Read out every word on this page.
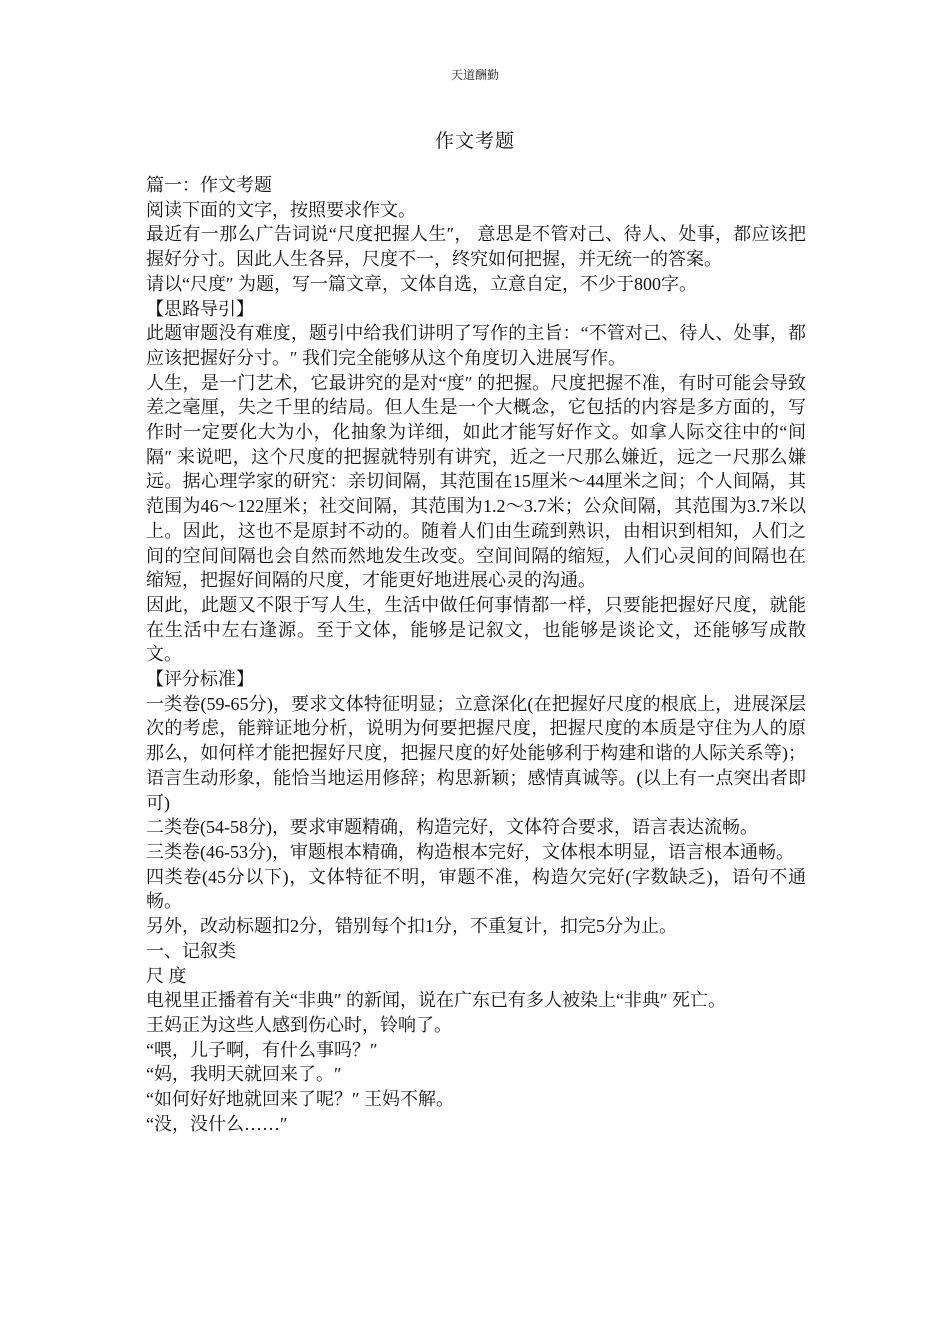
天道酬勤
作文考题

篇一：作文考题

阅读下面的文字，按照要求作文。

最近有一那么广告词说“尺度把握人生″， 意思是不管对己、待人、处事，都应该把握好分寸。因此人生各异，尺度不一，终究如何把握，并无统一的答案。

请以“尺度″ 为题，写一篇文章，文体自选，立意自定，不少于800字。

【思路导引】

此题审题没有难度，题引中给我们讲明了写作的主旨：“不管对己、待人、处事，都应该把握好分寸。″ 我们完全能够从这个角度切入进展写作。

人生，是一门艺术，它最讲究的是对“度″ 的把握。尺度把握不准，有时可能会导致差之毫厘，失之千里的结局。但人生是一个大概念，它包括的内容是多方面的，写作时一定要化大为小，化抽象为详细，如此才能写好作文。如拿人际交往中的“间隔″ 来说吧，这个尺度的把握就特别有讲究，近之一尺那么嫌近，远之一尺那么嫌远。据心理学家的研究：亲切间隔，其范围在15厘米～44厘米之间；个人间隔，其范围为46～122厘米；社交间隔，其范围为1.2～3.7米；公众间隔，其范围为3.7米以上。因此，这也不是原封不动的。随着人们由生疏到熟识，由相识到相知，人们之间的空间间隔也会自然而然地发生改变。空间间隔的缩短，人们心灵间的间隔也在缩短，把握好间隔的尺度，才能更好地进展心灵的沟通。

因此，此题又不限于写人生，生活中做任何事情都一样，只要能把握好尺度，就能在生活中左右逢源。至于文体，能够是记叙文，也能够是谈论文，还能够写成散文。

【评分标准】

一类卷(59-65分)，要求文体特征明显；立意深化(在把握好尺度的根底上，进展深层次的考虑，能辩证地分析，说明为何要把握尺度，把握尺度的本质是守住为人的原那么，如何样才能把握好尺度，把握尺度的好处能够利于构建和谐的人际关系等)；语言生动形象，能恰当地运用修辞；构思新颖；感情真诚等。(以上有一点突出者即可)

二类卷(54-58分)，要求审题精确，构造完好，文体符合要求，语言表达流畅。

三类卷(46-53分)，审题根本精确，构造根本完好，文体根本明显，语言根本通畅。

四类卷(45分以下)，文体特征不明，审题不准，构造欠完好(字数缺乏)，语句不通畅。

另外，改动标题扣2分，错别每个扣1分，不重复计，扣完5分为止。

一、记叙类

尺 度

电视里正播着有关“非典″ 的新闻，说在广东已有多人被染上“非典″ 死亡。

王妈正为这些人感到伤心时，铃响了。

“喂，儿子啊，有什么事吗？″

“妈，我明天就回来了。″

“如何好好地就回来了呢？″ 王妈不解。

“没，没什么……″
